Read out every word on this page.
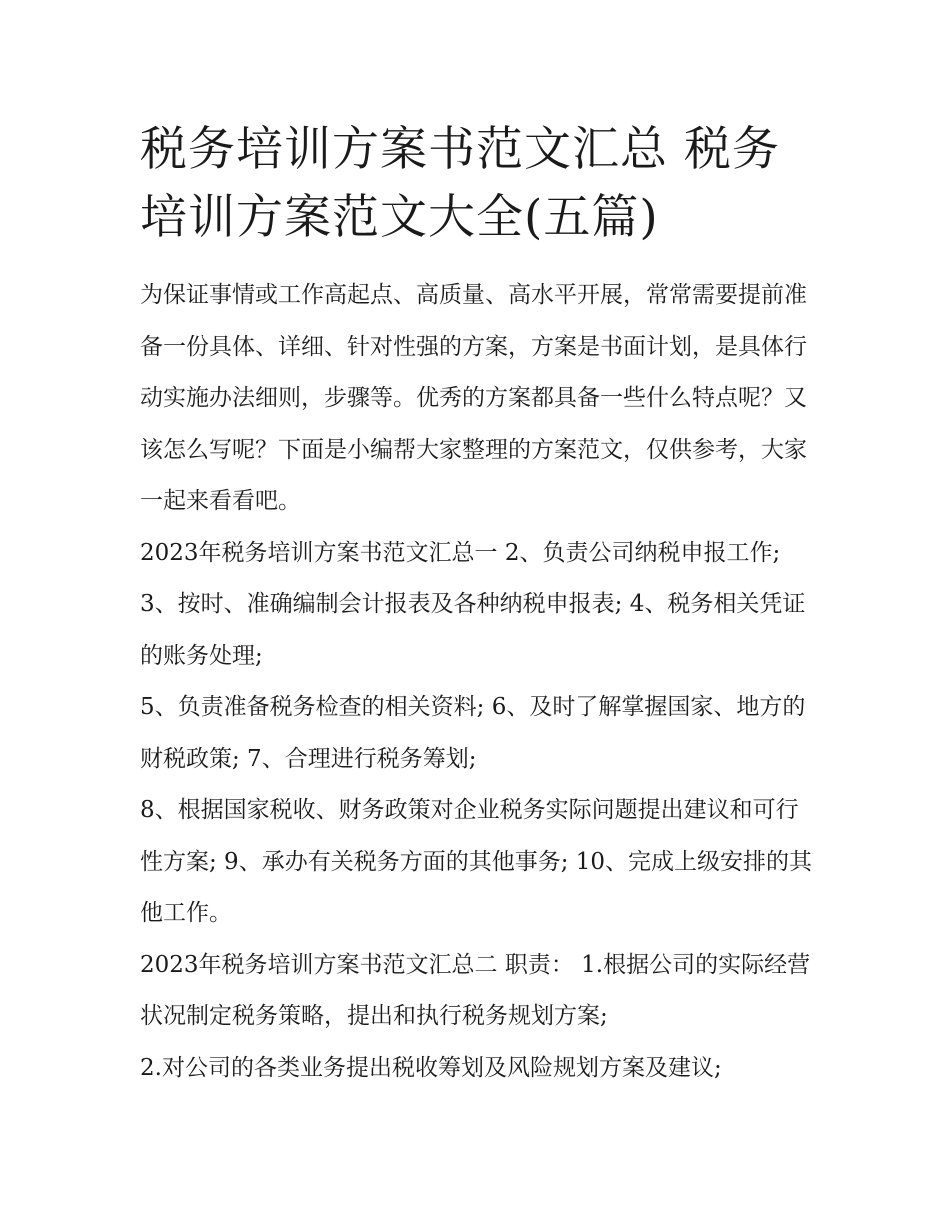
税务培训方案书范文汇总 税务
培训方案范文大全(五篇)

为保证事情或工作高起点、高质量、高水平开展，常常需要提前准备一份具体、详细、针对性强的方案，方案是书面计划，是具体行动实施办法细则，步骤等。优秀的方案都具备一些什么特点呢？又该怎么写呢？下面是小编帮大家整理的方案范文，仅供参考，大家一起来看看吧。

2023年税务培训方案书范文汇总一 2、负责公司纳税申报工作; 3、按时、准确编制会计报表及各种纳税申报表; 4、税务相关凭证的账务处理;

5、负责准备税务检查的相关资料; 6、及时了解掌握国家、地方的财税政策; 7、合理进行税务筹划;

8、根据国家税收、财务政策对企业税务实际问题提出建议和可行性方案; 9、承办有关税务方面的其他事务; 10、完成上级安排的其他工作。

2023年税务培训方案书范文汇总二 职责： 1.根据公司的实际经营状况制定税务策略，提出和执行税务规划方案;

2.对公司的各类业务提出税收筹划及风险规划方案及建议;
